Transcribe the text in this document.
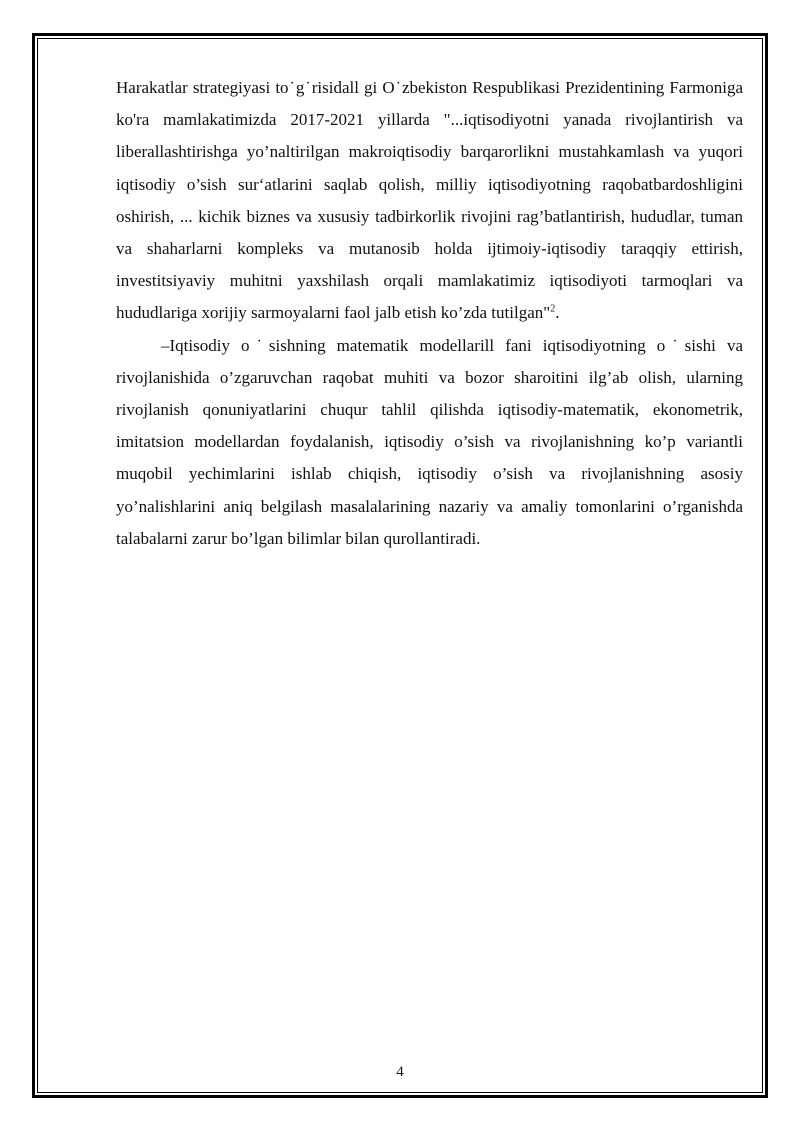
Harakatlar strategiyasi to˙g˙risidall gi O˙zbekiston Respublikasi Prezidentining Farmoniga ko'ra mamlakatimizda 2017-2021 yillarda "...iqtisodiyotni yanada rivojlantirish va liberallashtirishga yo’naltirilgan makroiqtisodiy barqarorlikni mustahkamlash va yuqori iqtisodiy o’sish sur‘atlarini saqlab qolish, milliy iqtisodiyotning raqobatbardoshligini oshirish, ... kichik biznes va xususiy tadbirkorlik rivojini rag’batlantirish, hududlar, tuman va shaharlarni kompleks va mutanosib holda ijtimoiy-iqtisodiy taraqqiy ettirish, investitsiyaviy muhitni yaxshilash orqali mamlakatimiz iqtisodiyoti tarmoqlari va hududlariga xorijiy sarmoyalarni faol jalb etish ko’zda tutilgan"$^2$.

–Iqtisodiy o˙sishning matematik modellarill fani iqtisodiyotning o˙sishi va rivojlanishida o’zgaruvchan raqobat muhiti va bozor sharoitini ilg’ab olish, ularning rivojlanish qonuniyatlarini chuqur tahlil qilishda iqtisodiy-matematik, ekonometrik, imitatsion modellardan foydalanish, iqtisodiy o’sish va rivojlanishning ko’p variantli muqobil yechimlarini ishlab chiqish, iqtisodiy o’sish va rivojlanishning asosiy yo’nalishlarini aniq belgilash masalalarining nazariy va amaliy tomonlarini o’rganishda talabalarni zarur bo’lgan bilimlar bilan qurollantiradi.

4
